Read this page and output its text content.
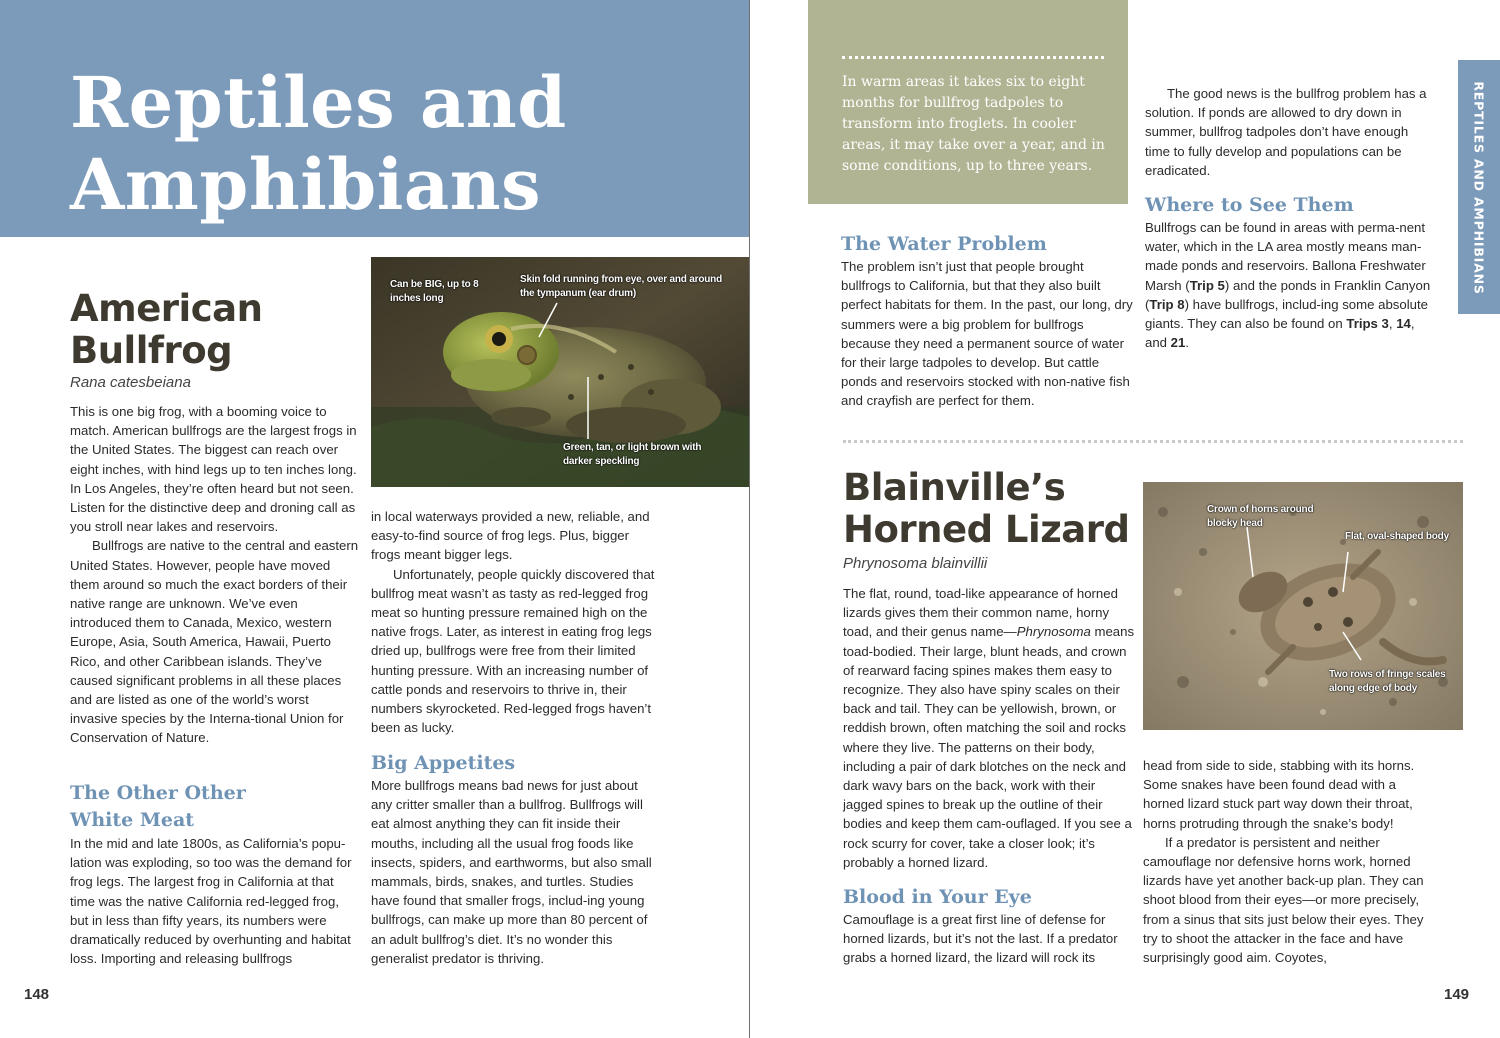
Reptiles and
Amphibians
American
Bullfrog
Rana catesbeiana

This is one big frog, with a booming voice to match. American bullfrogs are the largest frogs in the United States. The biggest can reach over eight inches, with hind legs up to ten inches long. In Los Angeles, they’re often heard but not seen. Listen for the distinctive deep and droning call as you stroll near lakes and reservoirs.

Bullfrogs are native to the central and eastern United States. However, people have moved them around so much the exact borders of their native range are unknown. We’ve even introduced them to Canada, Mexico, western Europe, Asia, South America, Hawaii, Puerto Rico, and other Caribbean islands. They’ve caused significant problems in all these places and are listed as one of the world’s worst invasive species by the Interna-tional Union for Conservation of Nature.

The Other Other
White Meat

In the mid and late 1800s, as California’s popu-lation was exploding, so too was the demand for frog legs. The largest frog in California at that time was the native California red-legged frog, but in less than fifty years, its numbers were dramatically reduced by overhunting and habitat loss. Importing and releasing bullfrogs

Can be BIG, up to 8 inches long
Skin fold running from eye, over and around the tympanum (ear drum)
Green, tan, or light brown with darker speckling

in local waterways provided a new, reliable, and easy-to-find source of frog legs. Plus, bigger frogs meant bigger legs.

Unfortunately, people quickly discovered that bullfrog meat wasn’t as tasty as red-legged frog meat so hunting pressure remained high on the native frogs. Later, as interest in eating frog legs dried up, bullfrogs were free from their limited hunting pressure. With an increasing number of cattle ponds and reservoirs to thrive in, their numbers skyrocketed. Red-legged frogs haven’t been as lucky.

Big Appetites

More bullfrogs means bad news for just about any critter smaller than a bullfrog. Bullfrogs will eat almost anything they can fit inside their mouths, including all the usual frog foods like insects, spiders, and earthworms, but also small mammals, birds, snakes, and turtles. Studies have found that smaller frogs, includ-ing young bullfrogs, can make up more than 80 percent of an adult bullfrog’s diet. It’s no wonder this generalist predator is thriving.

148
In warm areas it takes six to eight months for bullfrog tadpoles to transform into froglets. In cooler areas, it may take over a year, and in some conditions, up to three years.
The Water Problem

The problem isn’t just that people brought bullfrogs to California, but that they also built perfect habitats for them. In the past, our long, dry summers were a big problem for bullfrogs because they need a permanent source of water for their large tadpoles to develop. But cattle ponds and reservoirs stocked with non-native fish and crayfish are perfect for them.

The good news is the bullfrog problem has a solution. If ponds are allowed to dry down in summer, bullfrog tadpoles don’t have enough time to fully develop and populations can be eradicated.

Where to See Them

Bullfrogs can be found in areas with perma-nent water, which in the LA area mostly means man-made ponds and reservoirs. Ballona Freshwater Marsh (Trip 5) and the ponds in Franklin Canyon (Trip 8) have bullfrogs, includ-ing some absolute giants. They can also be found on Trips 3, 14, and 21.

REPTILES AND AMPHIBIANS
Blainville’s
Horned Lizard
Phrynosoma blainvillii

The flat, round, toad-like appearance of horned lizards gives them their common name, horny toad, and their genus name—Phrynosoma means toad-bodied. Their large, blunt heads, and crown of rearward facing spines makes them easy to recognize. They also have spiny scales on their back and tail. They can be yellowish, brown, or reddish brown, often matching the soil and rocks where they live. The patterns on their body, including a pair of dark blotches on the neck and dark wavy bars on the back, work with their jagged spines to break up the outline of their bodies and keep them cam-ouflaged. If you see a rock scurry for cover, take a closer look; it’s probably a horned lizard.

Blood in Your Eye

Camouflage is a great first line of defense for horned lizards, but it’s not the last. If a predator grabs a horned lizard, the lizard will rock its

Crown of horns around blocky head
Flat, oval-shaped body
Two rows of fringe scales along edge of body

head from side to side, stabbing with its horns. Some snakes have been found dead with a horned lizard stuck part way down their throat, horns protruding through the snake’s body!

If a predator is persistent and neither camouflage nor defensive horns work, horned lizards have yet another back-up plan. They can shoot blood from their eyes—or more precisely, from a sinus that sits just below their eyes. They try to shoot the attacker in the face and have surprisingly good aim. Coyotes,

149
